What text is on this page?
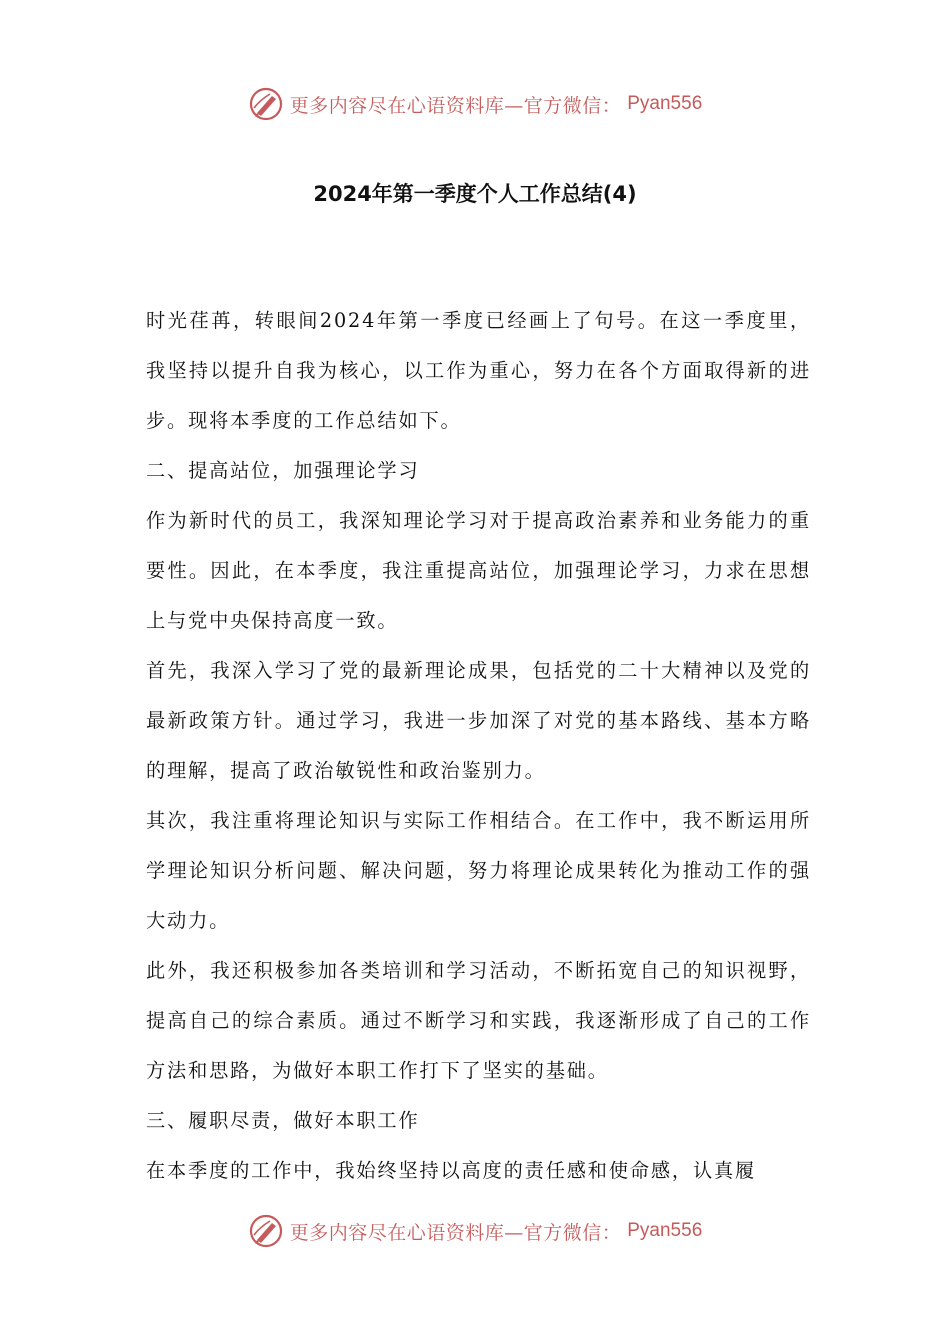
更多内容尽在心语资料库—官方微信： Pyan556
2024年第一季度个人工作总结(4)

时光荏苒，转眼间2024年第一季度已经画上了句号。在这一季度里，我坚持以提升自我为核心，以工作为重心，努力在各个方面取得新的进步。现将本季度的工作总结如下。

二、提高站位，加强理论学习

作为新时代的员工，我深知理论学习对于提高政治素养和业务能力的重要性。因此，在本季度，我注重提高站位，加强理论学习，力求在思想上与党中央保持高度一致。

首先，我深入学习了党的最新理论成果，包括党的二十大精神以及党的最新政策方针。通过学习，我进一步加深了对党的基本路线、基本方略的理解，提高了政治敏锐性和政治鉴别力。

其次，我注重将理论知识与实际工作相结合。在工作中，我不断运用所学理论知识分析问题、解决问题，努力将理论成果转化为推动工作的强大动力。

此外，我还积极参加各类培训和学习活动，不断拓宽自己的知识视野，提高自己的综合素质。通过不断学习和实践，我逐渐形成了自己的工作方法和思路，为做好本职工作打下了坚实的基础。

三、履职尽责，做好本职工作

在本季度的工作中，我始终坚持以高度的责任感和使命感，认真履

更多内容尽在心语资料库—官方微信： Pyan556
